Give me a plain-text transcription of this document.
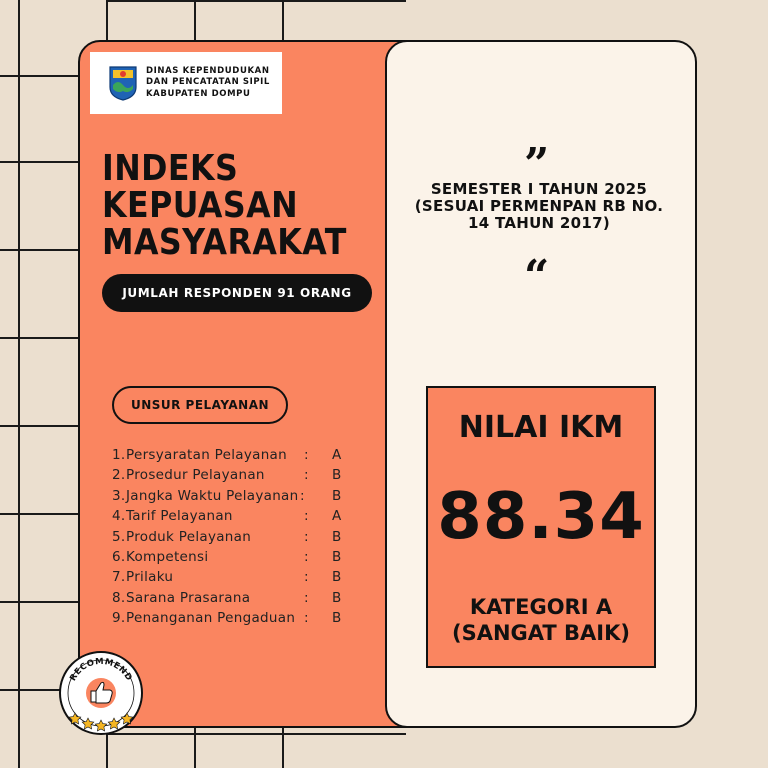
DINAS KEPENDUDUKAN
DAN PENCATATAN SIPIL
KABUPATEN DOMPU
INDEKS
KEPUASAN
MASYARAKAT
JUMLAH RESPONDEN 91 ORANG
UNSUR PELAYANAN
1.Persyaratan Pelayanan : A
2.Prosedur Pelayanan	: B
3.Jangka Waktu Pelayanan : B
4.Tarif Pelayanan	: A
5.Produk Pelayanan	: B
6.Kompetensi	: B
7.Prilaku	: B
8.Sarana Prasarana	: B
9.Penanganan Pengaduan : B
”
SEMESTER I TAHUN 2025
(SESUAI PERMENPAN RB NO.
14 TAHUN 2017)
“
NILAI IKM
88.34
KATEGORI A
(SANGAT BAIK)
RECOMMEND
